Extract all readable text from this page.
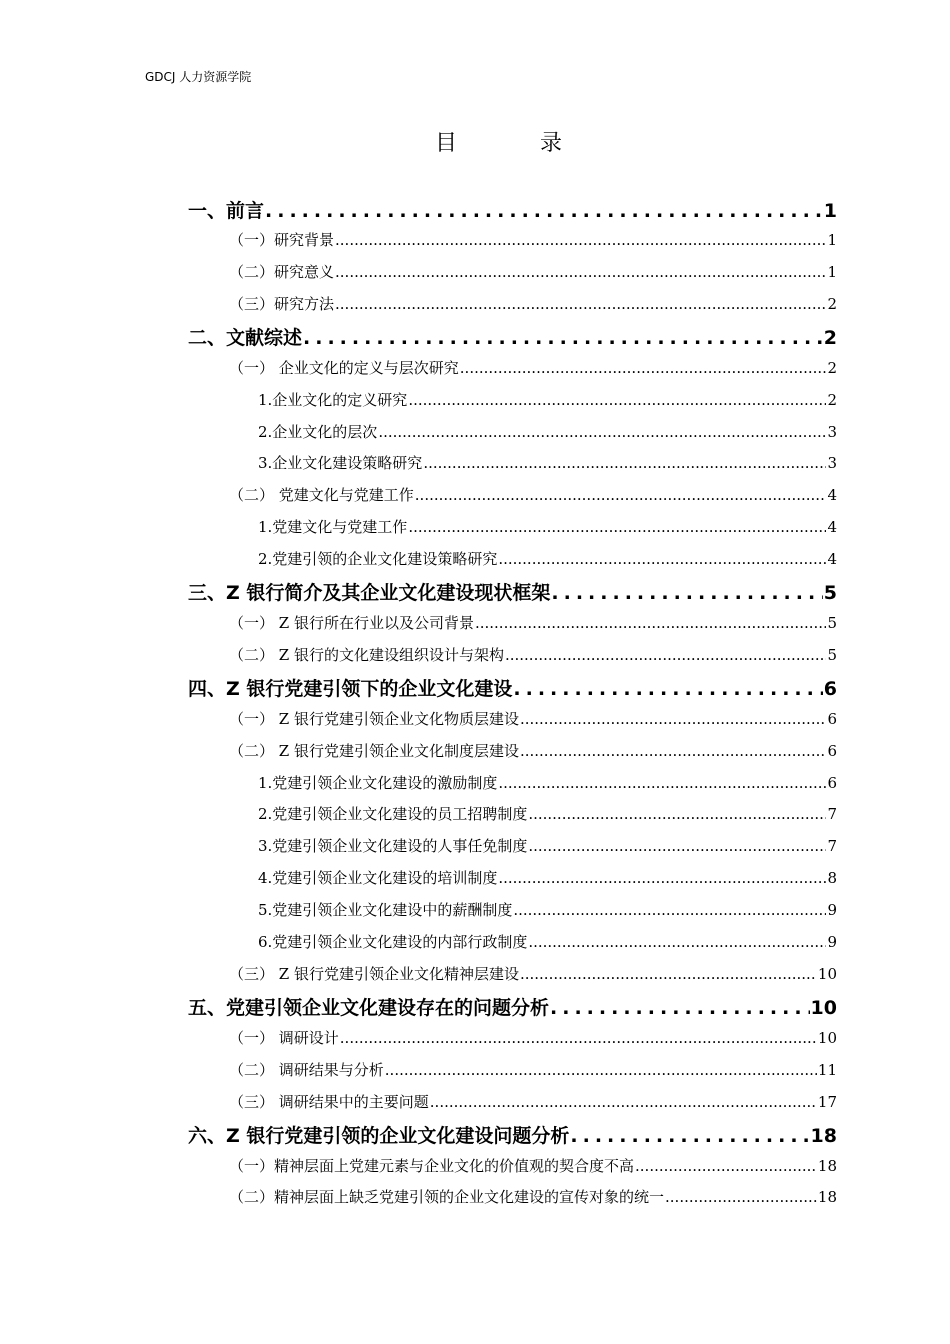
GDCJ 人力资源学院
目 录
一、前言 .....	1
（一）研究背景 .....	1
（二）研究意义 .....	1
（三）研究方法 .....	2
二、文献综述 .....	2
（一） 企业文化的定义与层次研究 .....	2
1.企业文化的定义研究 .....	2
2.企业文化的层次 .....	3
3.企业文化建设策略研究 .....	3
（二） 党建文化与党建工作 .....	4
1.党建文化与党建工作 .....	4
2.党建引领的企业文化建设策略研究 .....	4
三、Z 银行简介及其企业文化建设现状框架 .....	5
（一） Z 银行所在行业以及公司背景 .....	5
（二） Z 银行的文化建设组织设计与架构 .....	5
四、Z 银行党建引领下的企业文化建设 .....	6
（一） Z 银行党建引领企业文化物质层建设 .....	6
（二） Z 银行党建引领企业文化制度层建设 .....	6
1.党建引领企业文化建设的激励制度 .....	6
2.党建引领企业文化建设的员工招聘制度 .....	7
3.党建引领企业文化建设的人事任免制度 .....	7
4.党建引领企业文化建设的培训制度 .....	8
5.党建引领企业文化建设中的薪酬制度 .....	9
6.党建引领企业文化建设的内部行政制度 .....	9
（三） Z 银行党建引领企业文化精神层建设 .....	10
五、党建引领企业文化建设存在的问题分析 .....	10
（一） 调研设计 .....	10
（二） 调研结果与分析 .....	11
（三） 调研结果中的主要问题 .....	17
六、Z 银行党建引领的企业文化建设问题分析 .....	18
（一）精神层面上党建元素与企业文化的价值观的契合度不高 .....	18
（二）精神层面上缺乏党建引领的企业文化建设的宣传对象的统一 .....	18
